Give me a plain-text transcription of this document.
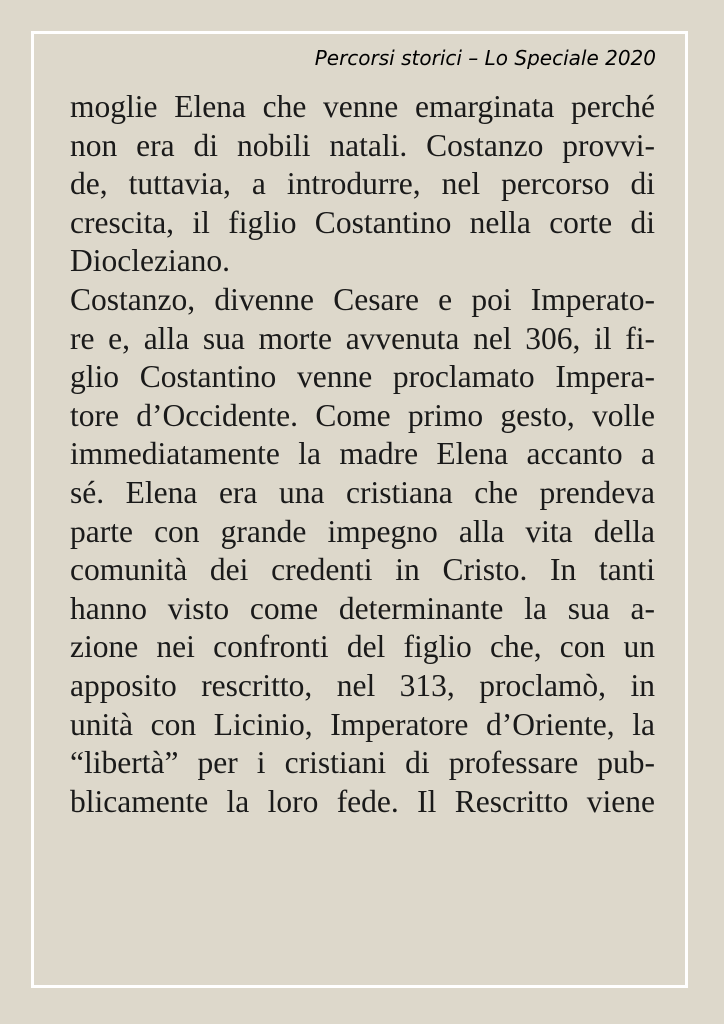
Percorsi storici – Lo Speciale 2020
moglie Elena che venne emarginata perché
non era di nobili natali. Costanzo provvi-
de, tuttavia, a introdurre, nel percorso di
crescita, il figlio Costantino nella corte di
Diocleziano.
Costanzo, divenne Cesare e poi Imperato-
re e, alla sua morte avvenuta nel 306, il fi-
glio Costantino venne proclamato Impera-
tore d’Occidente. Come primo gesto, volle
immediatamente la madre Elena accanto a
sé. Elena era una cristiana che prendeva
parte con grande impegno alla vita della
comunità dei credenti in Cristo. In tanti
hanno visto come determinante la sua a-
zione nei confronti del figlio che, con un
apposito rescritto, nel 313, proclamò, in
unità con Licinio, Imperatore d’Oriente, la
“libertà” per i cristiani di professare pub-
blicamente la loro fede. Il Rescritto viene
